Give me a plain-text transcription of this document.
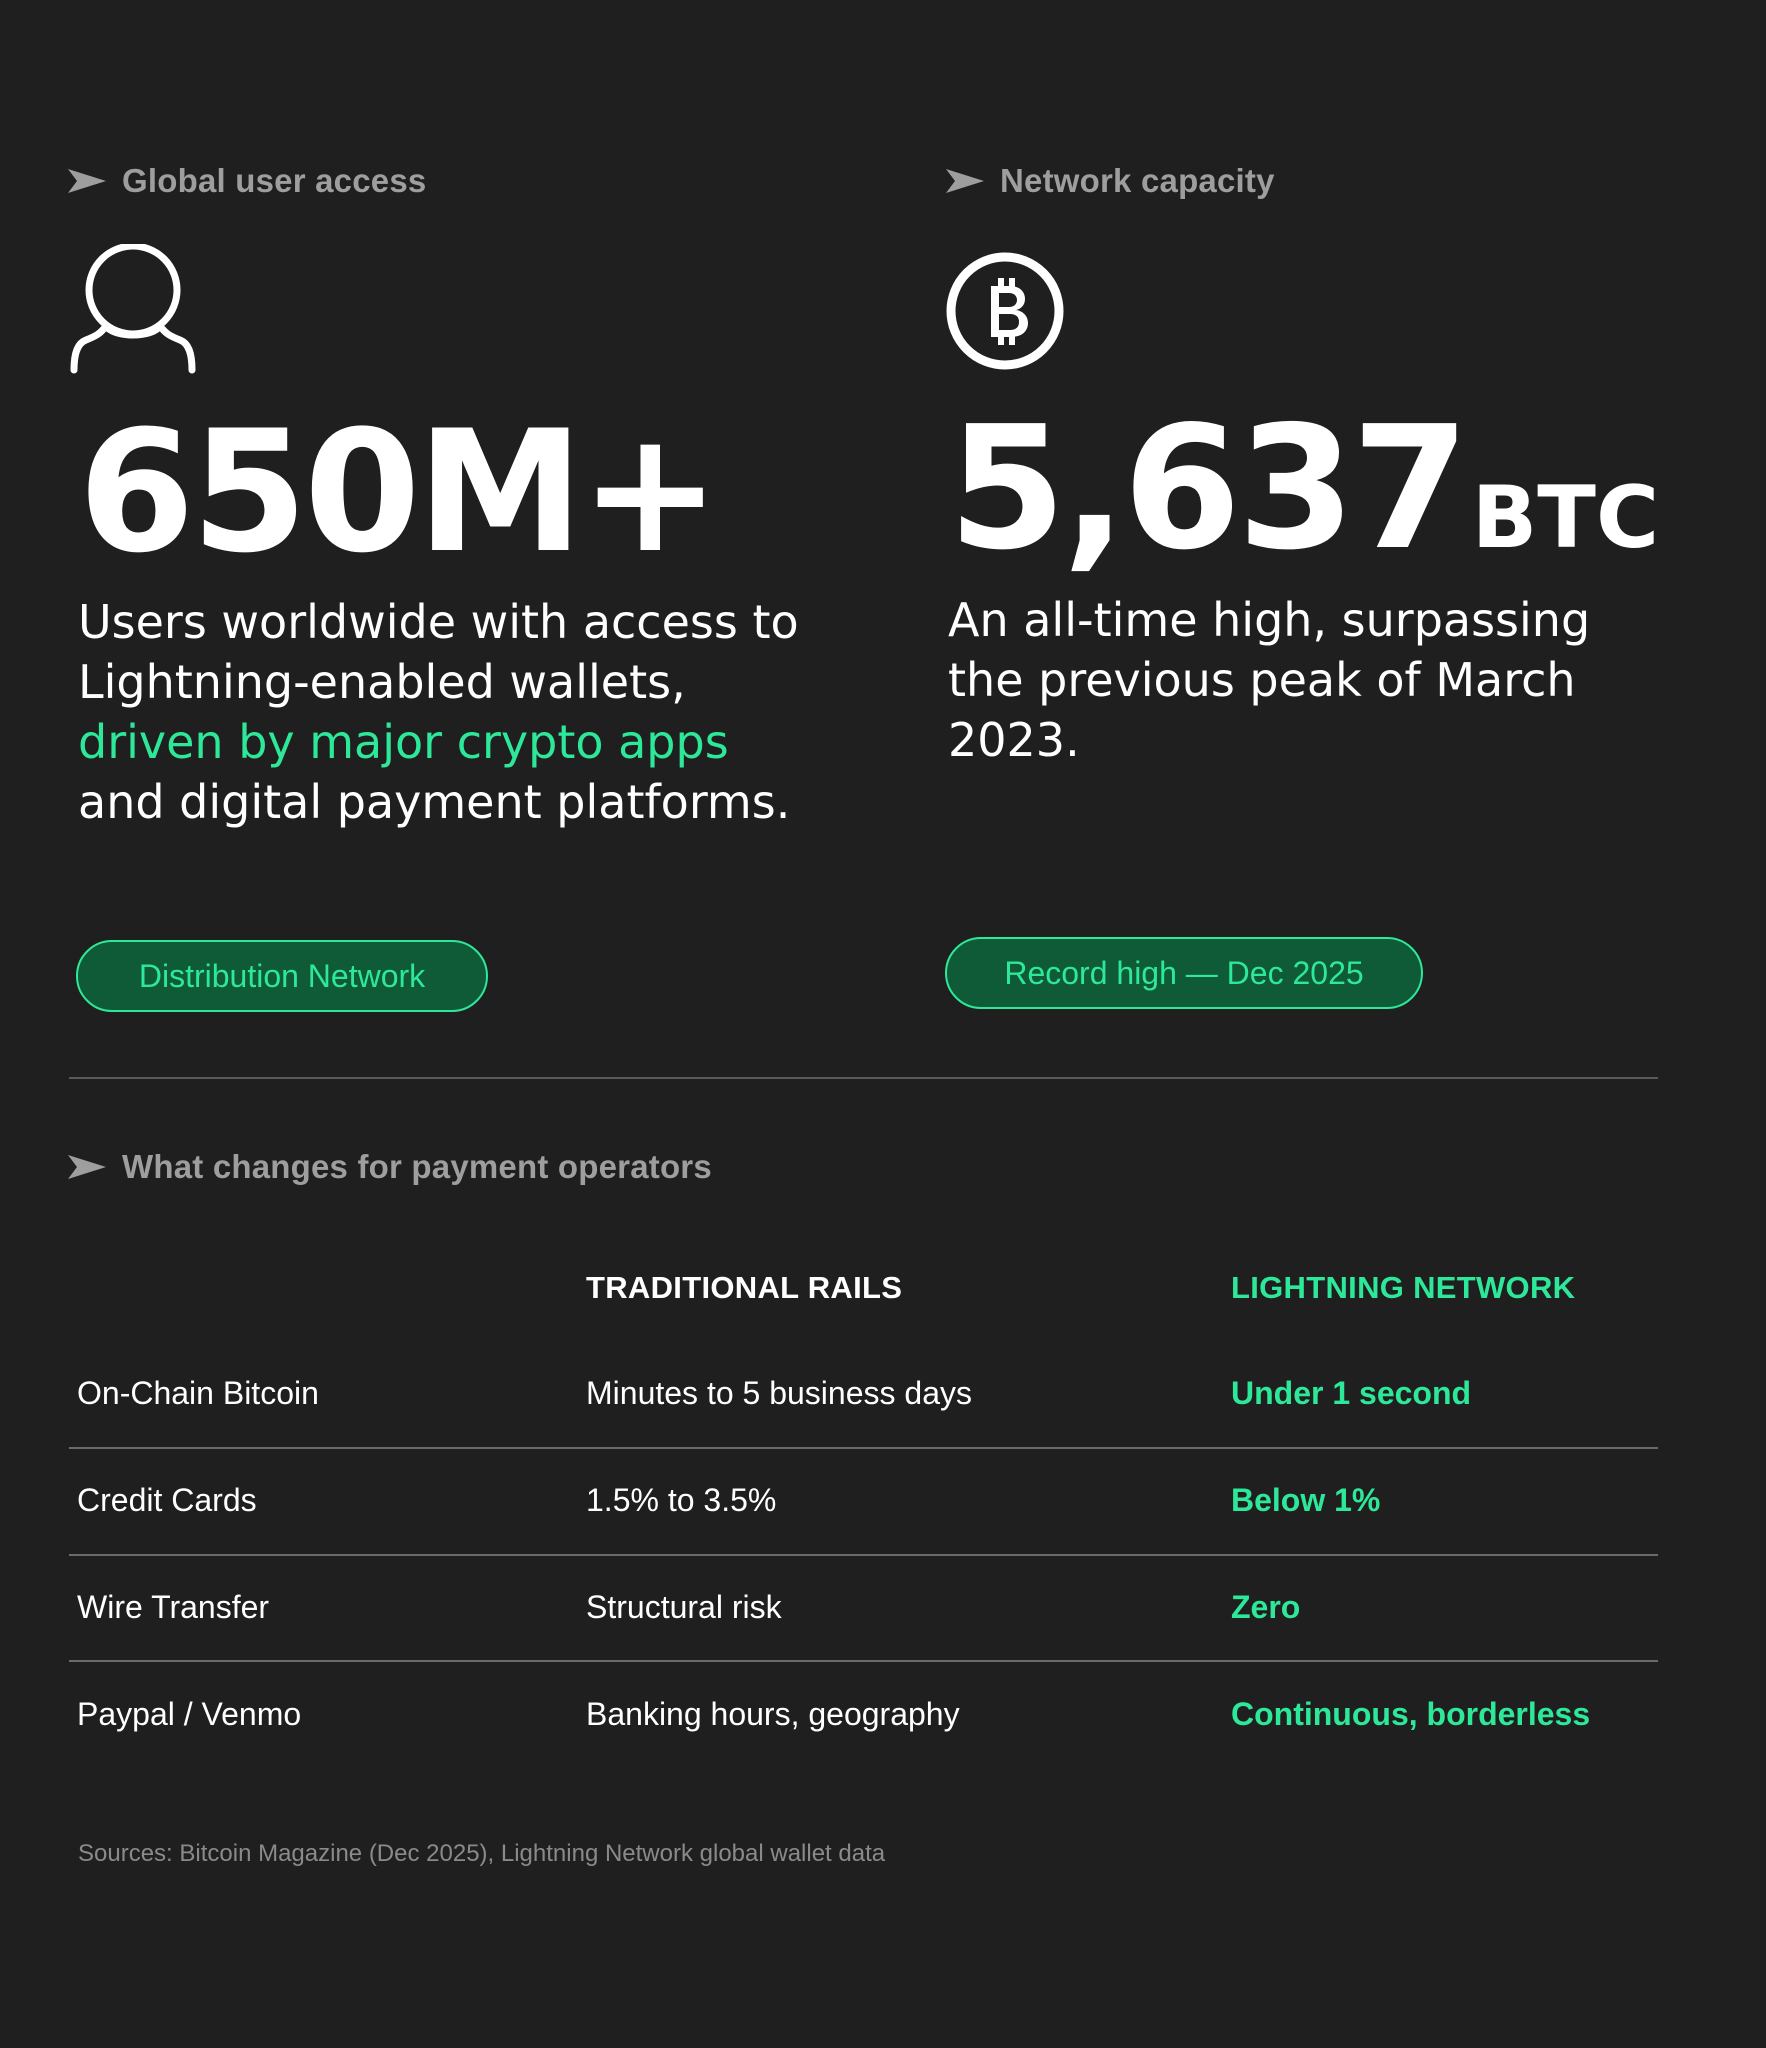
Global user access
650M+
Users worldwide with access to Lightning-enabled wallets, driven by major crypto apps and digital payment platforms.
Distribution Network
Network capacity
5,637BTC
An all-time high, surpassing the previous peak of March 2023.
Record high — Dec 2025
What changes for payment operators
TRADITIONAL RAILS	LIGHTNING NETWORK
On-Chain Bitcoin	Minutes to 5 business days	Under 1 second
Credit Cards	1.5% to 3.5%	Below 1%
Wire Transfer	Structural risk	Zero
Paypal / Venmo	Banking hours, geography	Continuous, borderless
Sources: Bitcoin Magazine (Dec 2025), Lightning Network global wallet data
